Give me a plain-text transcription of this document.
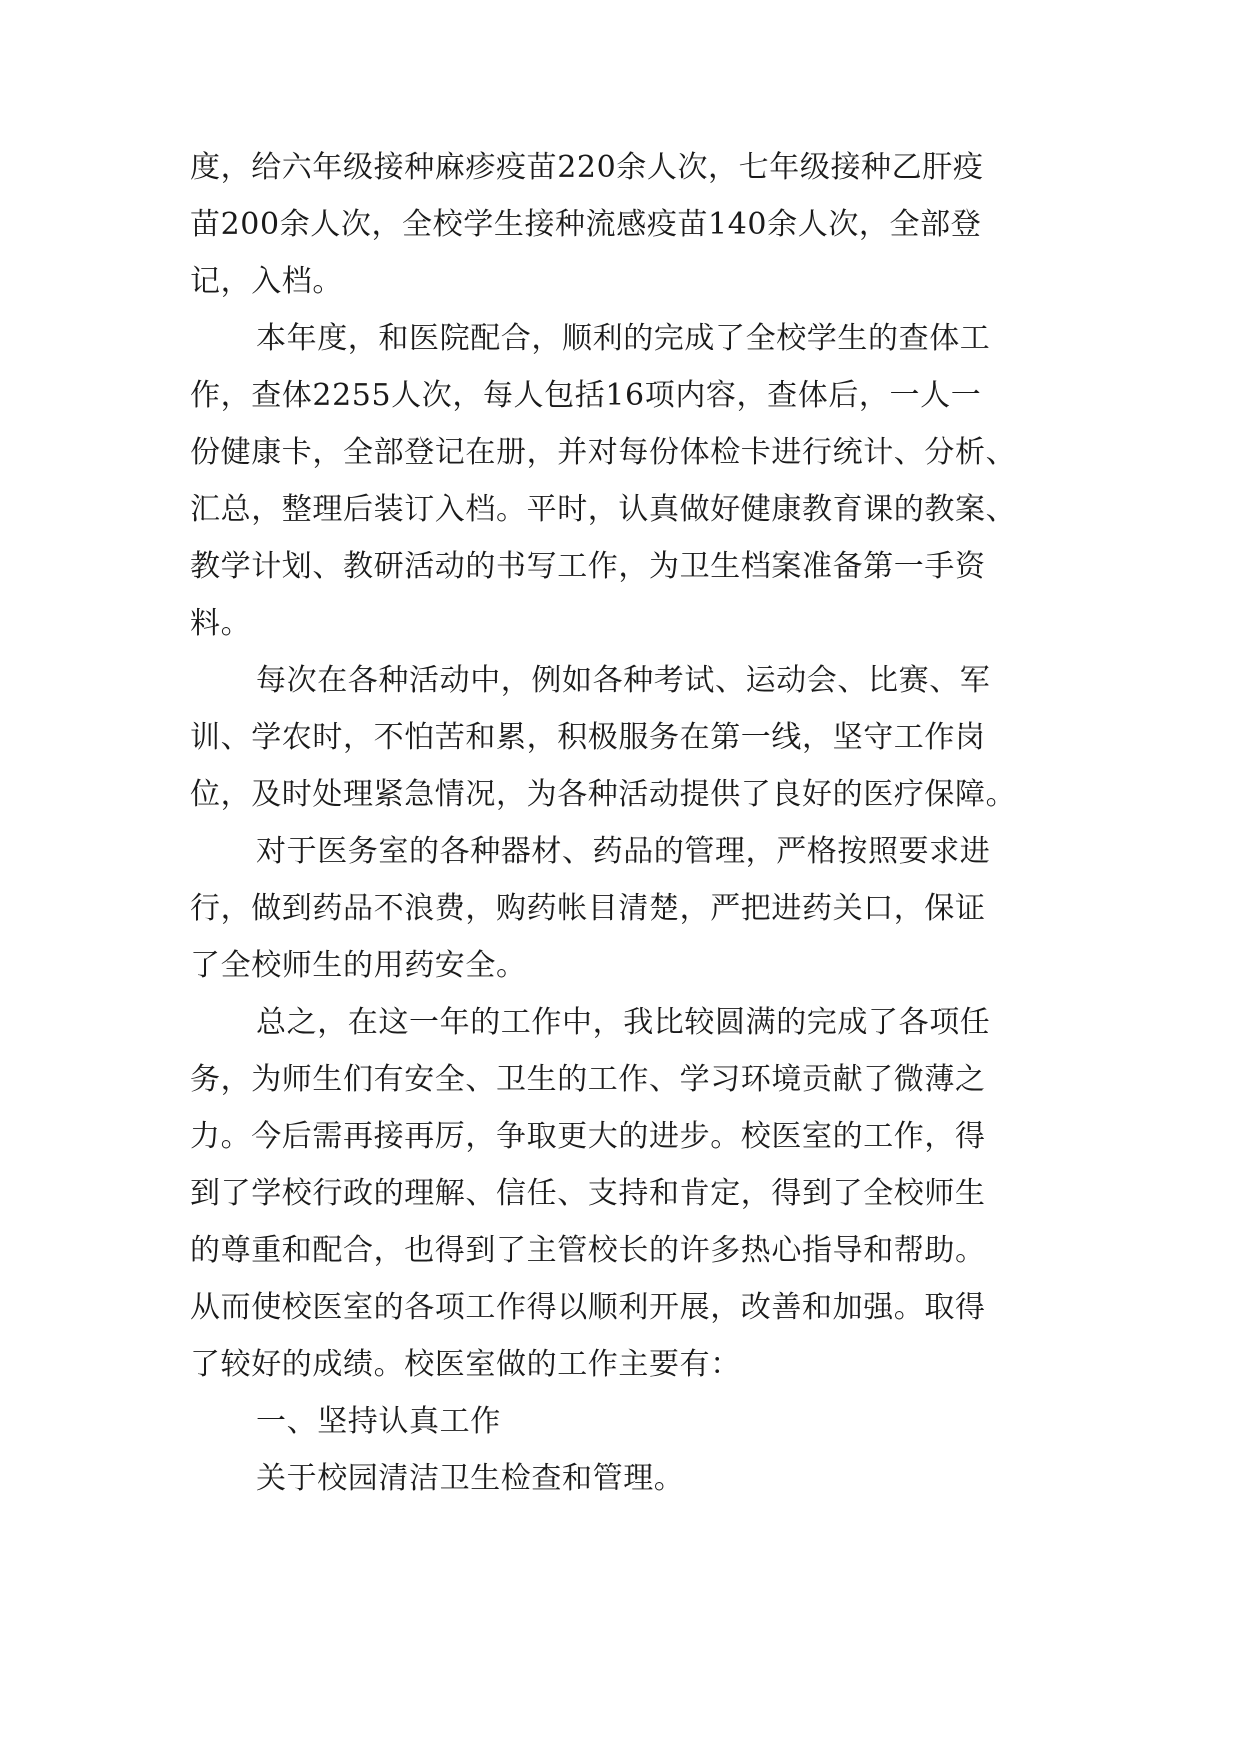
度，给六年级接种麻疹疫苗220余人次，七年级接种乙肝疫

苗200余人次，全校学生接种流感疫苗140余人次，全部登

记，入档。

本年度，和医院配合，顺利的完成了全校学生的查体工

作，查体2255人次，每人包括16项内容，查体后，一人一

份健康卡，全部登记在册，并对每份体检卡进行统计、分析、

汇总，整理后装订入档。平时，认真做好健康教育课的教案、

教学计划、教研活动的书写工作，为卫生档案准备第一手资

料。

每次在各种活动中，例如各种考试、运动会、比赛、军

训、学农时，不怕苦和累，积极服务在第一线，坚守工作岗

位，及时处理紧急情况，为各种活动提供了良好的医疗保障。

对于医务室的各种器材、药品的管理，严格按照要求进

行，做到药品不浪费，购药帐目清楚，严把进药关口，保证

了全校师生的用药安全。

总之，在这一年的工作中，我比较圆满的完成了各项任

务，为师生们有安全、卫生的工作、学习环境贡献了微薄之

力。今后需再接再厉，争取更大的进步。校医室的工作，得

到了学校行政的理解、信任、支持和肯定，得到了全校师生

的尊重和配合，也得到了主管校长的许多热心指导和帮助。

从而使校医室的各项工作得以顺利开展，改善和加强。取得

了较好的成绩。校医室做的工作主要有：

一、坚持认真工作

关于校园清洁卫生检查和管理。
